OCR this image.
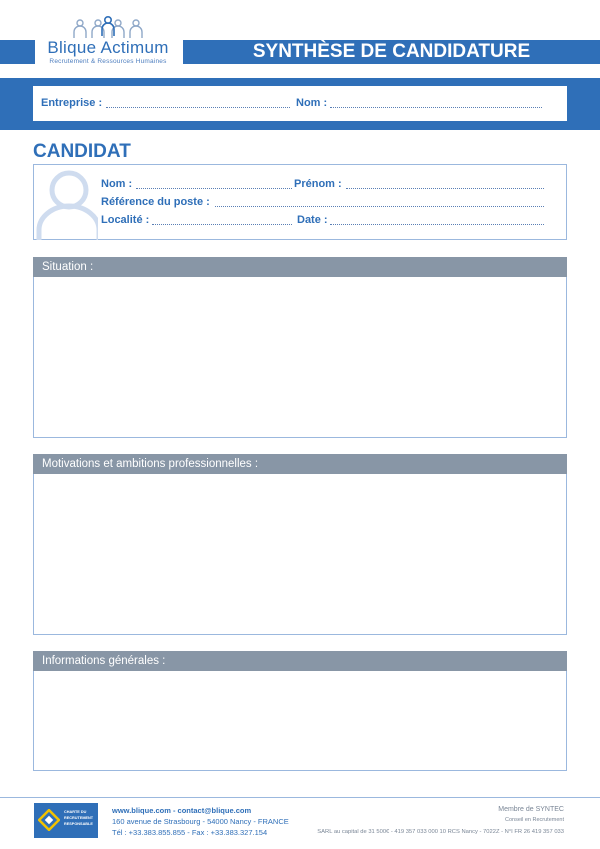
Blique Actimum
Recrutement & Ressources Humaines	SYNTHÈSE DE CANDIDATURE
Entreprise :	Nom :
CANDIDAT
Nom :	Prénom :
Référence du poste :
Localité :	Date :
Situation :
Motivations et ambitions professionnelles :
Informations générales :
CHARTE DU
RECRUTEMENT
RESPONSABLE
www.blique.com - contact@blique.com
160 avenue de Strasbourg - 54000 Nancy - FRANCE
Tél : +33.383.855.855 - Fax : +33.383.327.154
Membre de SYNTEC
Conseil en Recrutement
SARL au capital de 31 500€ - 419 357 033 000 10 RCS Nancy - 7022Z - N°I FR 26 419 357 033
